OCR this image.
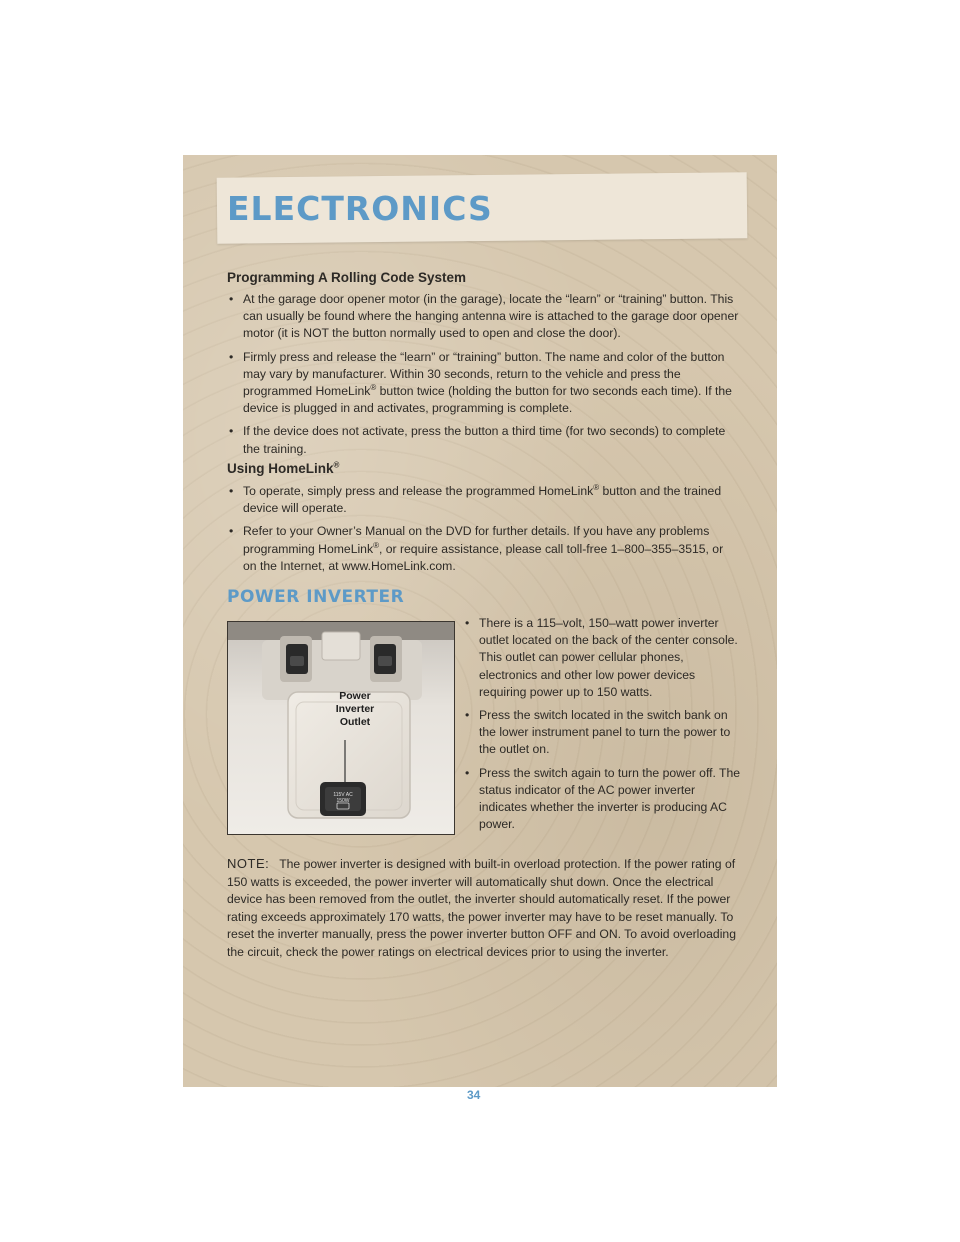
ELECTRONICS
Programming A Rolling Code System
• At the garage door opener motor (in the garage), locate the “learn” or “training” button. This can usually be found where the hanging antenna wire is attached to the garage door opener motor (it is NOT the button normally used to open and close the door).
• Firmly press and release the “learn” or “training” button. The name and color of the button may vary by manufacturer. Within 30 seconds, return to the vehicle and press the programmed HomeLink® button twice (holding the button for two seconds each time). If the device is plugged in and activates, programming is complete.
• If the device does not activate, press the button a third time (for two seconds) to complete the training.
Using HomeLink®
• To operate, simply press and release the programmed HomeLink® button and the trained device will operate.
• Refer to your Owner’s Manual on the DVD for further details. If you have any problems programming HomeLink®, or require assistance, please call toll-free 1–800–355–3515, or on the Internet, at www.HomeLink.com.
POWER INVERTER
115V AC
150W
Power Inverter Outlet
• There is a 115–volt, 150–watt power inverter outlet located on the back of the center console. This outlet can power cellular phones, electronics and other low power devices requiring power up to 150 watts.
• Press the switch located in the switch bank on the lower instrument panel to turn the power to the outlet on.
• Press the switch again to turn the power off. The status indicator of the AC power inverter indicates whether the inverter is producing AC power.
NOTE: The power inverter is designed with built-in overload protection. If the power rating of 150 watts is exceeded, the power inverter will automatically shut down. Once the electrical device has been removed from the outlet, the inverter should automatically reset. If the power rating exceeds approximately 170 watts, the power inverter may have to be reset manually. To reset the inverter manually, press the power inverter button OFF and ON. To avoid overloading the circuit, check the power ratings on electrical devices prior to using the inverter.
34
